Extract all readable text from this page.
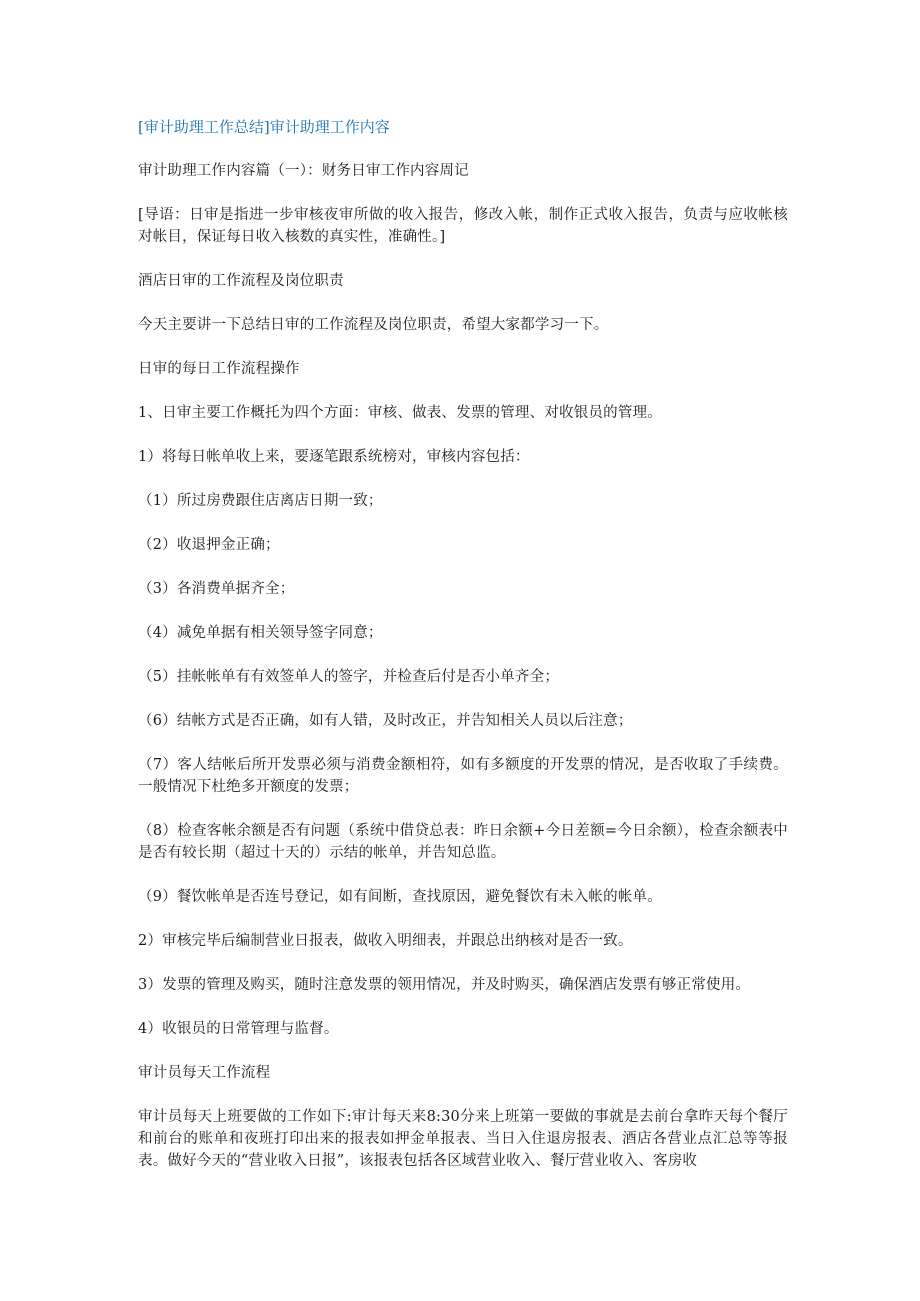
[审计助理工作总结]审计助理工作内容
审计助理工作内容篇（一）：财务日审工作内容周记
[导语：日审是指进一步审核夜审所做的收入报告，修改入帐，制作正式收入报告，负责与应收帐核对帐目，保证每日收入核数的真实性，准确性。]
酒店日审的工作流程及岗位职责
今天主要讲一下总结日审的工作流程及岗位职责，希望大家都学习一下。
日审的每日工作流程操作
1、日审主要工作概托为四个方面：审核、做表、发票的管理、对收银员的管理。
1）将每日帐单收上来，要逐笔跟系统榜对，审核内容包括：
（1）所过房费跟住店离店日期一致；
（2）收退押金正确；
（3）各消费单据齐全；
（4）减免单据有相关领导签字同意；
（5）挂帐帐单有有效签单人的签字，并检查后付是否小单齐全；
（6）结帐方式是否正确，如有人错，及时改正，并告知相关人员以后注意；
（7）客人结帐后所开发票必须与消费金额相符，如有多额度的开发票的情况，是否收取了手续费。一般情况下杜绝多开额度的发票；
（8）检查客帐余额是否有问题（系统中借贷总表：昨日余额+今日差额=今日余额），检查余额表中是否有较长期（超过十天的）示结的帐单，并告知总监。
（9）餐饮帐单是否连号登记，如有间断，查找原因，避免餐饮有未入帐的帐单。
2）审核完毕后编制营业日报表，做收入明细表，并跟总出纳核对是否一致。
3）发票的管理及购买，随时注意发票的领用情况，并及时购买，确保酒店发票有够正常使用。
4）收银员的日常管理与监督。
审计员每天工作流程
审计员每天上班要做的工作如下:审计每天来8:30分来上班第一要做的事就是去前台拿昨天每个餐厅和前台的账单和夜班打印出来的报表如押金单报表、当日入住退房报表、酒店各营业点汇总等等报表。做好今天的“营业收入日报”，该报表包括各区域营业收入、餐厅营业收入、客房收
